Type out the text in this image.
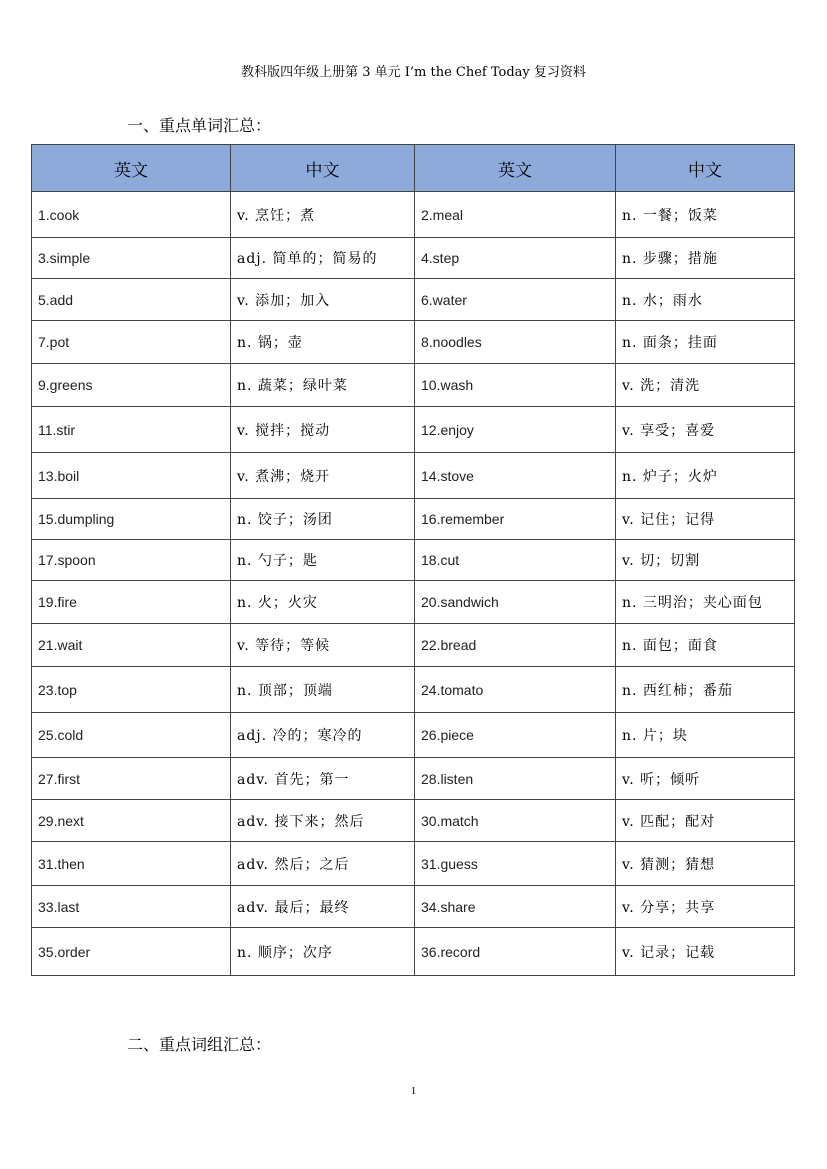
教科版四年级上册第 3 单元 I’m the Chef Today 复习资料
一、重点单词汇总：
英文	中文	英文	中文
1.cook	v. 烹饪；煮	2.meal	n. 一餐；饭菜
3.simple	adj. 简单的；简易的	4.step	n. 步骤；措施
5.add	v. 添加；加入	6.water	n. 水；雨水
7.pot	n. 锅；壶	8.noodles	n. 面条；挂面
9.greens	n. 蔬菜；绿叶菜	10.wash	v. 洗；清洗
11.stir	v. 搅拌；搅动	12.enjoy	v. 享受；喜爱
13.boil	v. 煮沸；烧开	14.stove	n. 炉子；火炉
15.dumpling	n. 饺子；汤团	16.remember	v. 记住；记得
17.spoon	n. 勺子；匙	18.cut	v. 切；切割
19.fire	n. 火；火灾	20.sandwich	n. 三明治；夹心面包
21.wait	v. 等待；等候	22.bread	n. 面包；面食
23.top	n. 顶部；顶端	24.tomato	n. 西红柿；番茄
25.cold	adj. 冷的；寒冷的	26.piece	n. 片；块
27.first	adv. 首先；第一	28.listen	v. 听；倾听
29.next	adv. 接下来；然后	30.match	v. 匹配；配对
31.then	adv. 然后；之后	31.guess	v. 猜测；猜想
33.last	adv. 最后；最终	34.share	v. 分享；共享
35.order	n. 顺序；次序	36.record	v. 记录；记载
二、重点词组汇总：
1
